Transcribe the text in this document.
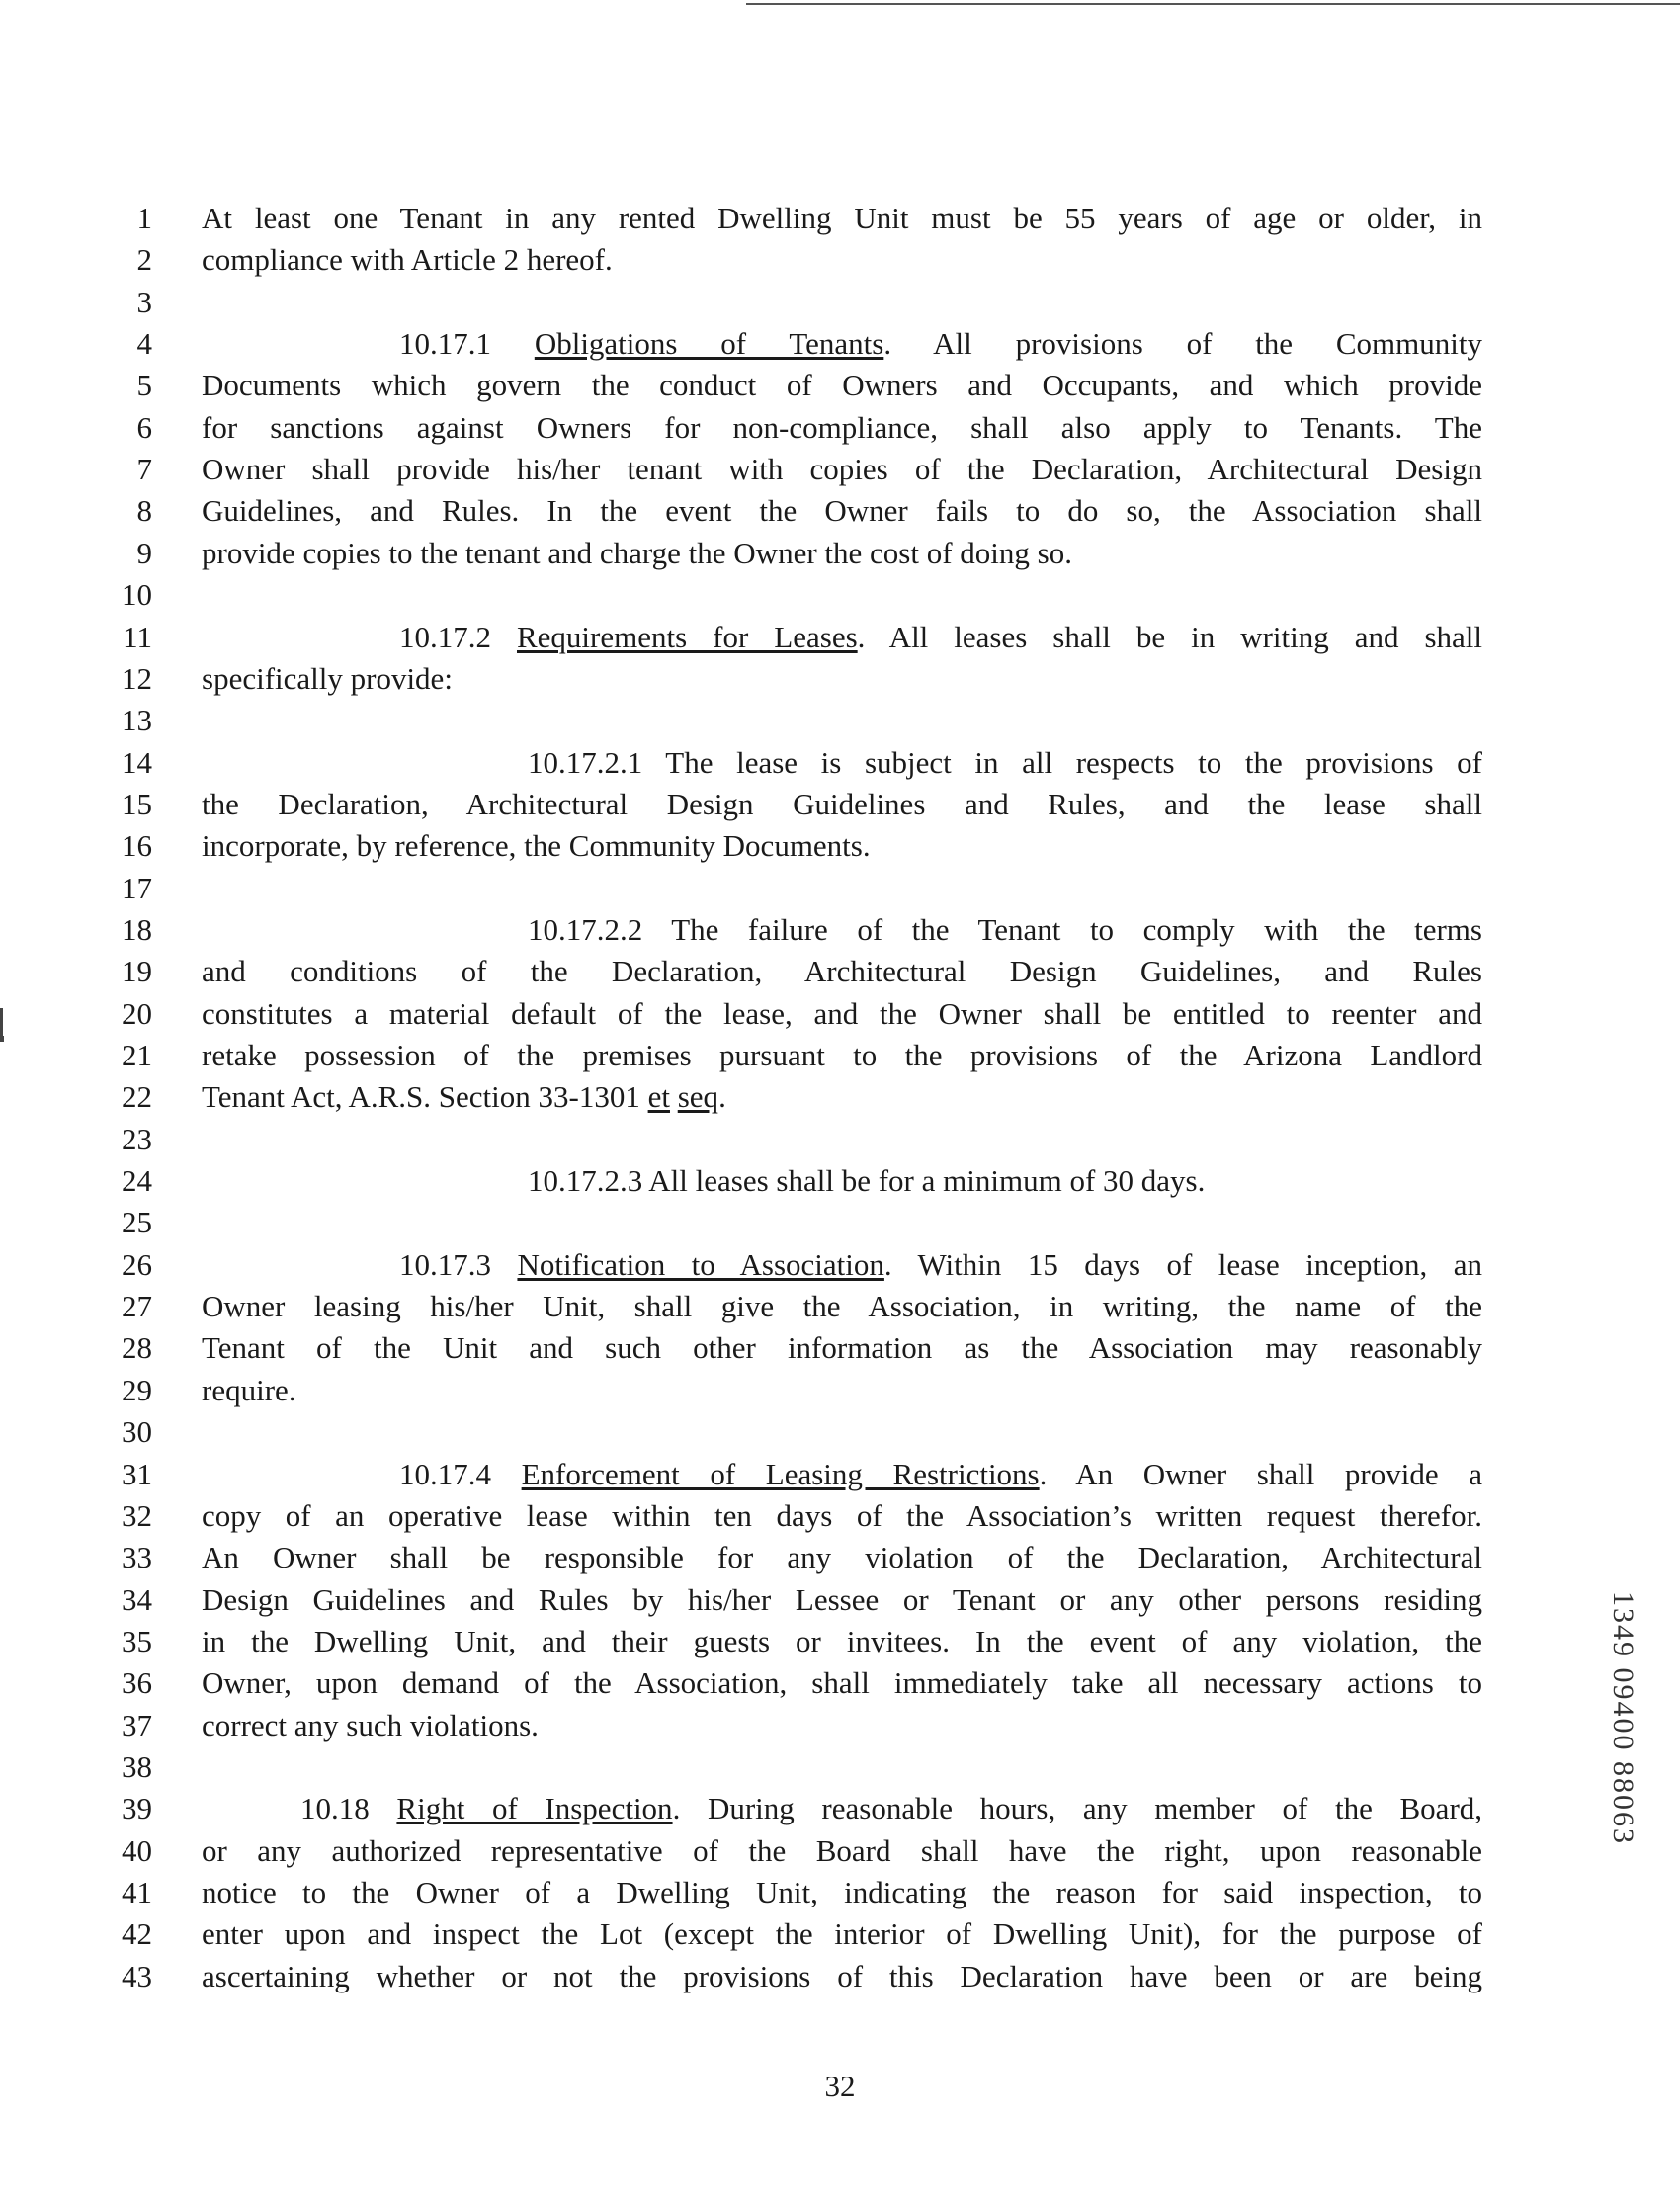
1 At least one Tenant in any rented Dwelling Unit must be 55 years of age or older, in
2 compliance with Article 2 hereof.
3
4	10.17.1 Obligations of Tenants. All provisions of the Community
5 Documents which govern the conduct of Owners and Occupants, and which provide
6 for sanctions against Owners for non-compliance, shall also apply to Tenants. The
7 Owner shall provide his/her tenant with copies of the Declaration, Architectural Design
8 Guidelines, and Rules. In the event the Owner fails to do so, the Association shall
9 provide copies to the tenant and charge the Owner the cost of doing so.
10
11	10.17.2 Requirements for Leases. All leases shall be in writing and shall
12 specifically provide:
13
14	10.17.2.1 The lease is subject in all respects to the provisions of
15 the Declaration, Architectural Design Guidelines and Rules, and the lease shall
16 incorporate, by reference, the Community Documents.
17
18	10.17.2.2 The failure of the Tenant to comply with the terms
19 and conditions of the Declaration, Architectural Design Guidelines, and Rules
20 constitutes a material default of the lease, and the Owner shall be entitled to reenter and
21 retake possession of the premises pursuant to the provisions of the Arizona Landlord
22 Tenant Act, A.R.S. Section 33-1301 et seq.
23
24	10.17.2.3 All leases shall be for a minimum of 30 days.
25
26	10.17.3 Notification to Association. Within 15 days of lease inception, an
27 Owner leasing his/her Unit, shall give the Association, in writing, the name of the
28 Tenant of the Unit and such other information as the Association may reasonably
29 require.
30
31	10.17.4 Enforcement of Leasing Restrictions. An Owner shall provide a
32 copy of an operative lease within ten days of the Association’s written request therefor.
33 An Owner shall be responsible for any violation of the Declaration, Architectural
34 Design Guidelines and Rules by his/her Lessee or Tenant or any other persons residing
35 in the Dwelling Unit, and their guests or invitees. In the event of any violation, the
36 Owner, upon demand of the Association, shall immediately take all necessary actions to
37 correct any such violations.
38
39	10.18 Right of Inspection. During reasonable hours, any member of the Board,
40 or any authorized representative of the Board shall have the right, upon reasonable
41 notice to the Owner of a Dwelling Unit, indicating the reason for said inspection, to
42 enter upon and inspect the Lot (except the interior of Dwelling Unit), for the purpose of
43 ascertaining whether or not the provisions of this Declaration have been or are being
32
1349 09400 88063
